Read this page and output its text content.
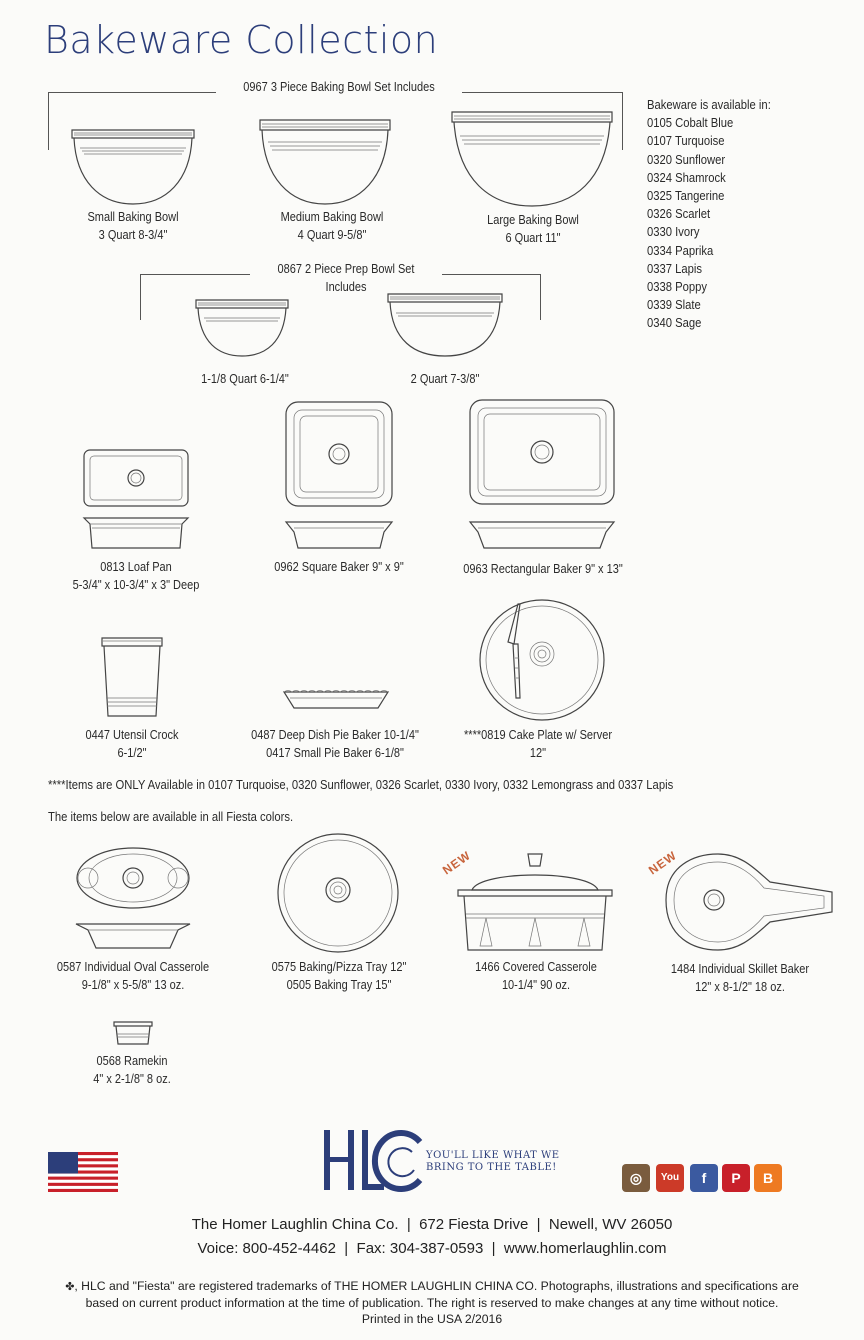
Bakeware Collection
0967 3 Piece Baking Bowl Set Includes
Small Baking Bowl
3 Quart 8-3/4"
Medium Baking Bowl
4 Quart 9-5/8"
Large Baking Bowl
6 Quart 11"
Bakeware is available in:
0105 Cobalt Blue
0107 Turquoise
0320 Sunflower
0324 Shamrock
0325 Tangerine
0326 Scarlet
0330 Ivory
0334 Paprika
0337 Lapis
0338 Poppy
0339 Slate
0340 Sage
0867 2 Piece Prep Bowl Set Includes
1-1/8 Quart 6-1/4"	2 Quart 7-3/8"
0813 Loaf Pan
5-3/4" x 10-3/4" x 3" Deep
0962 Square Baker 9" x 9"	0963 Rectangular Baker 9" x 13"
0447 Utensil Crock
6-1/2"
0487 Deep Dish Pie Baker 10-1/4"
0417 Small Pie Baker 6-1/8"
****0819 Cake Plate w/ Server
12"
****Items are ONLY Available in 0107 Turquoise, 0320 Sunflower, 0326 Scarlet, 0330 Ivory, 0332 Lemongrass and 0337 Lapis
The items below are available in all Fiesta colors.
0587 Individual Oval Casserole
9-1/8" x 5-5/8" 13 oz.
0575 Baking/Pizza Tray 12"
0505 Baking Tray 15"
NEW
1466 Covered Casserole
10-1/4" 90 oz.
NEW
1484 Individual Skillet Baker
12" x 8-1/2" 18 oz.
0568 Ramekin
4" x 2-1/8" 8 oz.
YOU'LL LIKE WHAT WE
BRING TO THE TABLE!
◎	You	f	P	B
The Homer Laughlin China Co. | 672 Fiesta Drive | Newell, WV 26050
Voice: 800-452-4462 | Fax: 304-387-0593 | www.homerlaughlin.com
✤, HLC and "Fiesta" are registered trademarks of THE HOMER LAUGHLIN CHINA CO. Photographs, illustrations and specifications are
based on current product information at the time of publication. The right is reserved to make changes at any time without notice.
Printed in the USA 2/2016
